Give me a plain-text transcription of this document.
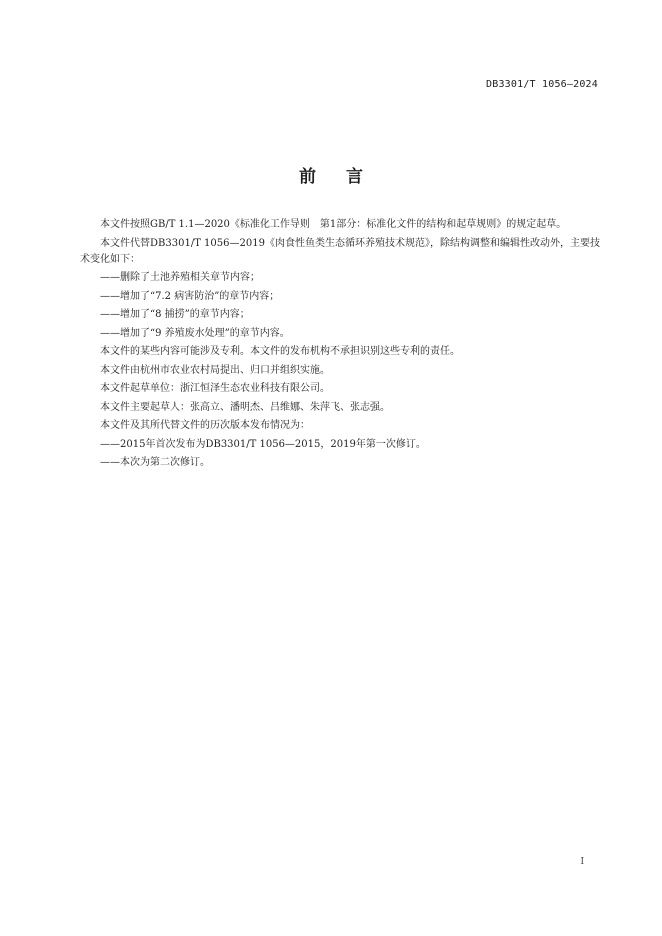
DB3301/T 1056—2024
前 言

本文件按照GB/T 1.1—2020《标准化工作导则　第1部分：标准化文件的结构和起草规则》的规定起草。

本文件代替DB3301/T 1056—2019《肉食性鱼类生态循环养殖技术规范》，除结构调整和编辑性改动外，主要技术变化如下：

——删除了土池养殖相关章节内容；

——增加了“7.2 病害防治”的章节内容；

——增加了“8 捕捞”的章节内容；

——增加了“9 养殖废水处理”的章节内容。

本文件的某些内容可能涉及专利。本文件的发布机构不承担识别这些专利的责任。

本文件由杭州市农业农村局提出、归口并组织实施。

本文件起草单位：浙江恒泽生态农业科技有限公司。

本文件主要起草人：张高立、潘明杰、吕维娜、朱萍飞、张志强。

本文件及其所代替文件的历次版本发布情况为：

——2015年首次发布为DB3301/T 1056—2015，2019年第一次修订。

——本次为第二次修订。

I
